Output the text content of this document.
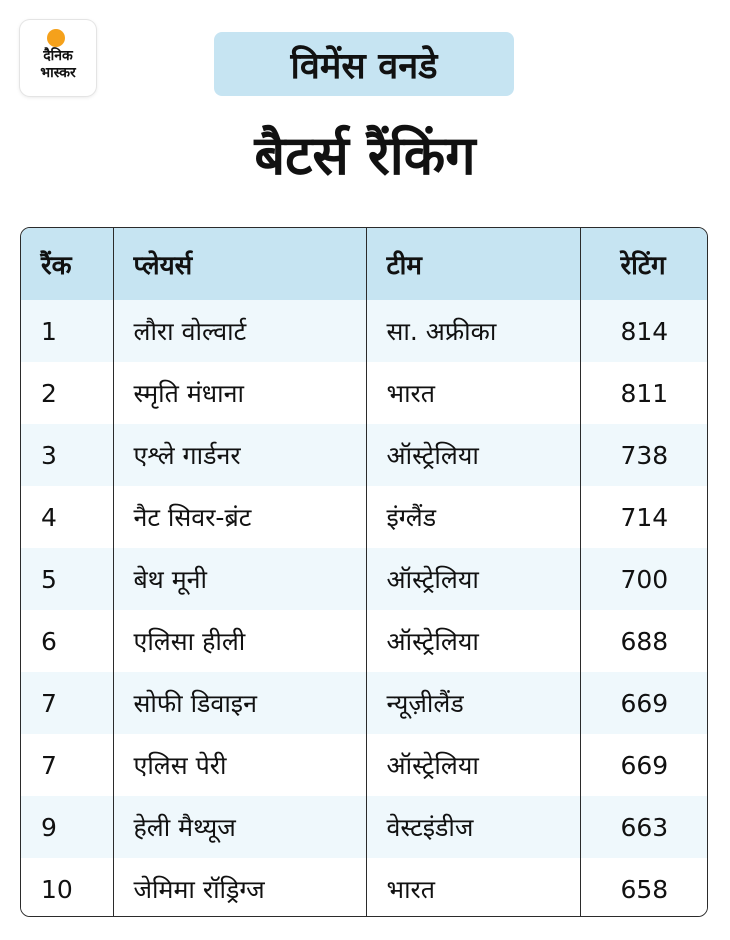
दैनिक
भास्कर	विमेंस वनडे
बैटर्स रैंकिंग
रैंक	प्लेयर्स	टीम	रेटिंग
1	लौरा वोल्वार्ट	सा. अफ्रीका	814
2	स्मृति मंधाना	भारत	811
3	एश्ले गार्डनर	ऑस्ट्रेलिया	738
4	नैट सिवर-ब्रंट	इंग्लैंड	714
5	बेथ मूनी	ऑस्ट्रेलिया	700
6	एलिसा हीली	ऑस्ट्रेलिया	688
7	सोफी डिवाइन	न्यूज़ीलैंड	669
7	एलिस पेरी	ऑस्ट्रेलिया	669
9	हेली मैथ्यूज	वेस्टइंडीज	663
10	जेमिमा रॉड्रिग्ज	भारत	658
